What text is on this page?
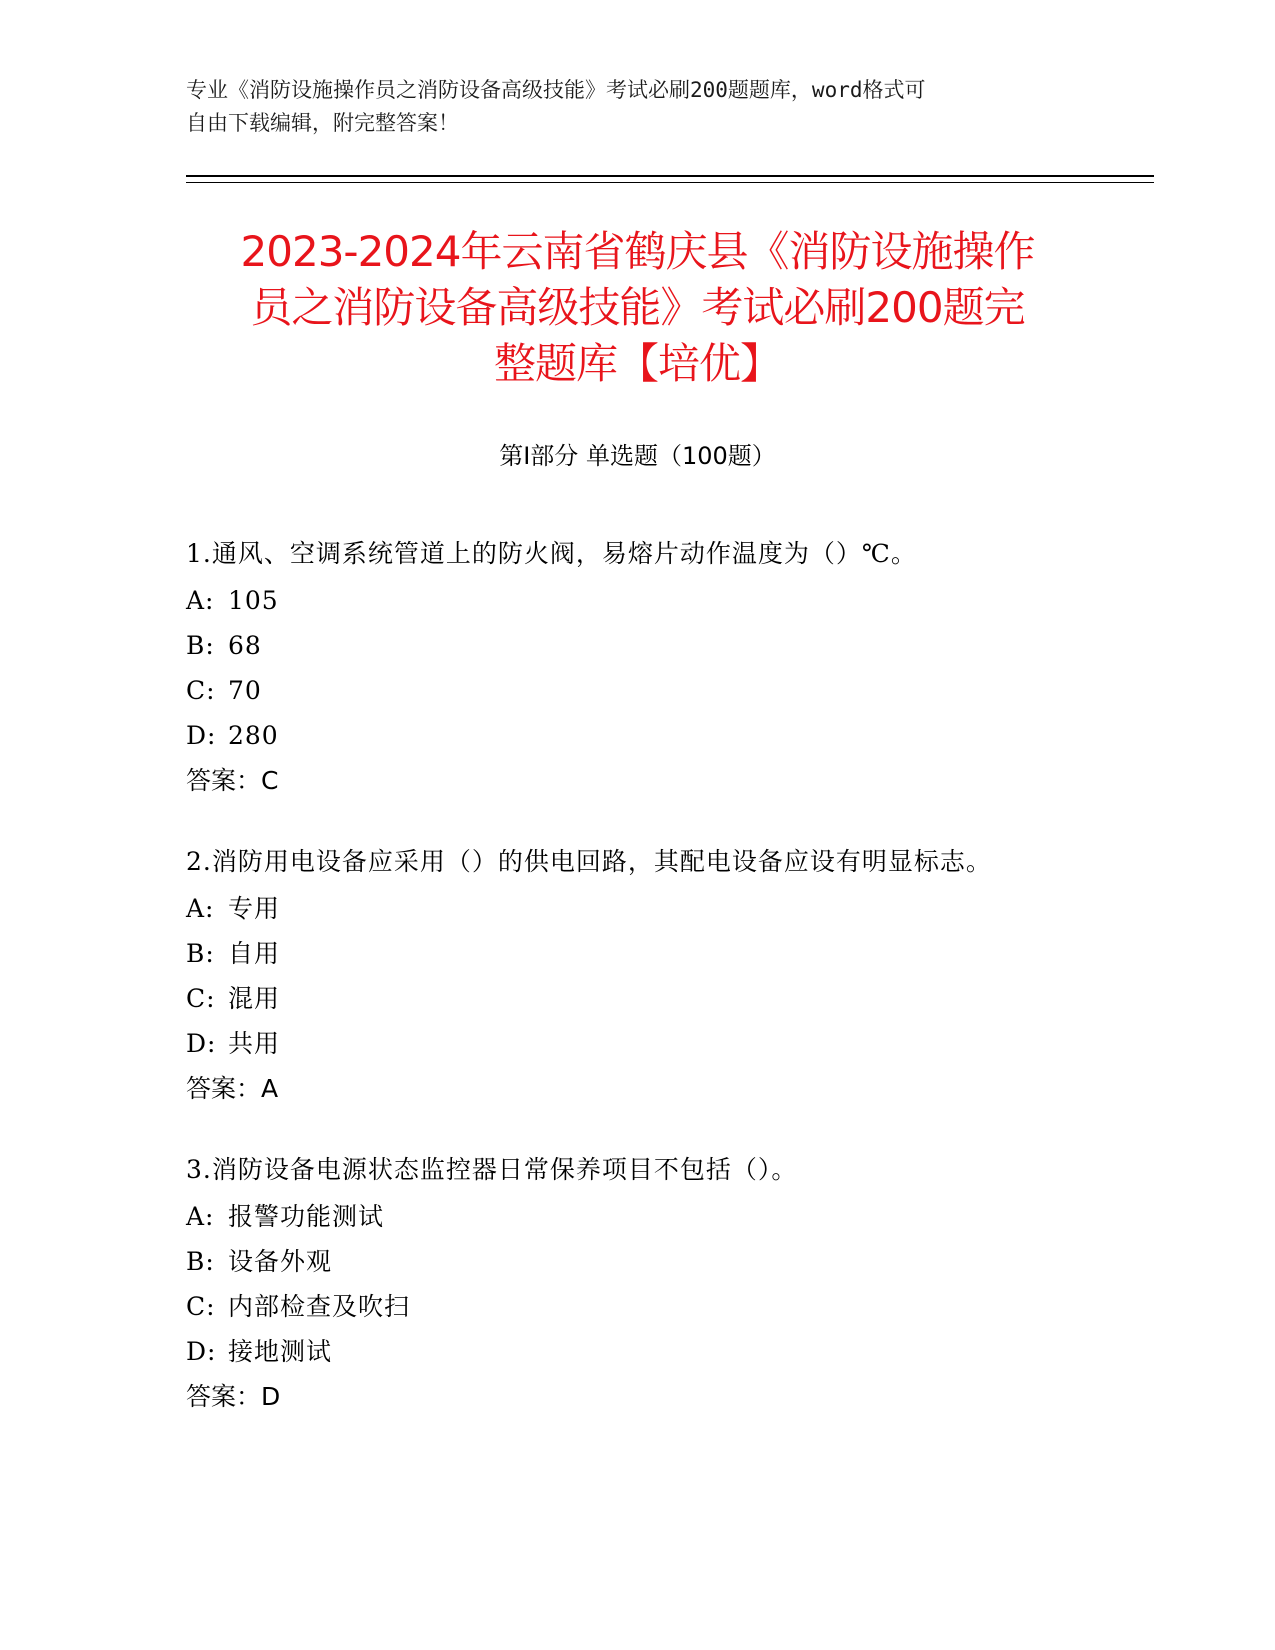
专业《消防设施操作员之消防设备高级技能》考试必刷200题题库，word格式可
自由下载编辑，附完整答案！
2023-2024年云南省鹤庆县《消防设施操作
员之消防设备高级技能》考试必刷200题完
整题库【培优】
第Ⅰ部分 单选题（100题）

1.通风、空调系统管道上的防火阀，易熔片动作温度为（）℃。

A: 105
B: 68
C: 70
D: 280
答案：C

2.消防用电设备应采用（）的供电回路，其配电设备应设有明显标志。

A: 专用
B: 自用
C: 混用
D: 共用
答案：A

3.消防设备电源状态监控器日常保养项目不包括（）。

A: 报警功能测试
B: 设备外观
C: 内部检查及吹扫
D: 接地测试
答案：D
